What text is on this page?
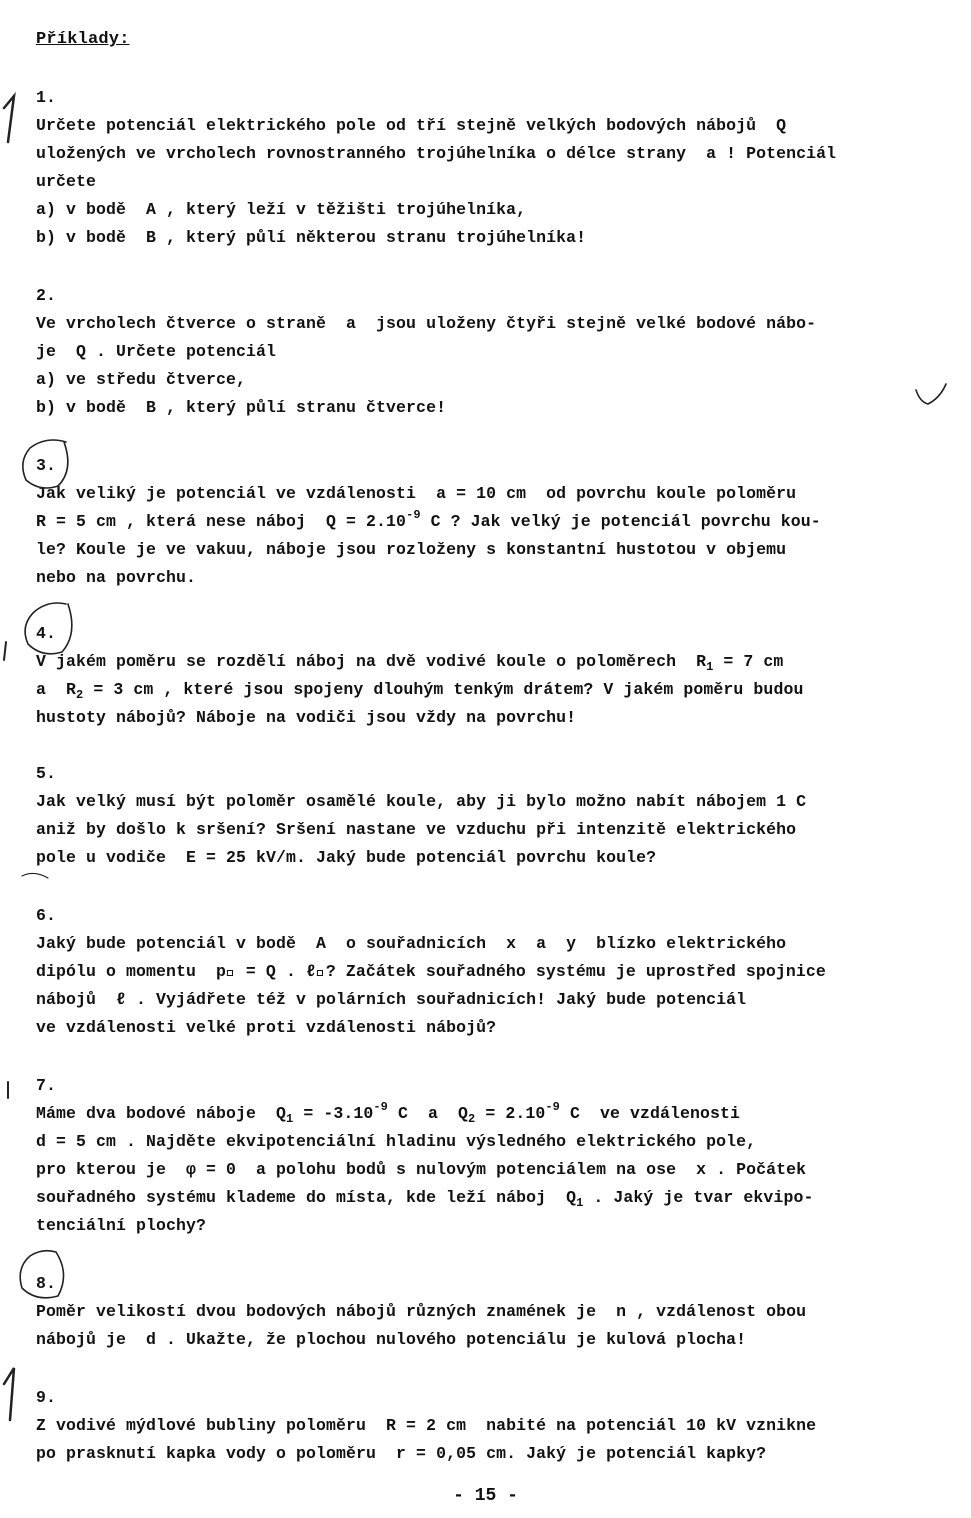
Příklady:
1.
Určete potenciál elektrického pole od tří stejně velkých bodových nábojů  Q
uložených ve vrcholech rovnostranného trojúhelníka o délce strany  a ! Potenciál
určete
a) v bodě  A , který leží v těžišti trojúhelníka,
b) v bodě  B , který půlí některou stranu trojúhelníka!
2.
Ve vrcholech čtverce o straně  a  jsou uloženy čtyři stejně velké bodové nábo-
je  Q . Určete potenciál
a) ve středu čtverce,
b) v bodě  B , který půlí stranu čtverce!
3.
Jak veliký je potenciál ve vzdálenosti  a = 10 cm  od povrchu koule poloměru
R = 5 cm , která nese náboj  $Q = 2.10^{-9}$ C ? Jak velký je potenciál povrchu kou-
le? Koule je ve vakuu, náboje jsou rozloženy s konstantní hustotou v objemu
nebo na povrchu.
4.
V jakém poměru se rozdělí náboj na dvě vodivé koule o poloměrech  $R_1 = 7$ cm
a  $R_2 = 3$ cm , které jsou spojeny dlouhým tenkým drátem? V jakém poměru budou
hustoty nábojů? Náboje na vodiči jsou vždy na povrchu!
5.
Jak velký musí být poloměr osamělé koule, aby ji bylo možno nabít nábojem 1 C
aniž by došlo k sršení? Sršení nastane ve vzduchu při intenzitě elektrického
pole u vodiče  E = 25 kV/m. Jaký bude potenciál povrchu koule?
6.
Jaký bude potenciál v bodě  A  o souřadnicích  x  a  y  blízko elektrického
dipólu o momentu  p⃗ = Q . ℓ⃗? Začátek souřadného systému je uprostřed spojnice
nábojů  ℓ . Vyjádřete též v polárních souřadnicích! Jaký bude potenciál
ve vzdálenosti velké proti vzdálenosti nábojů?
7.
Máme dva bodové náboje  $Q_1 = -3.10^{-9}$ C  a  $Q_2 = 2.10^{-9}$ C  ve vzdálenosti
d = 5 cm . Najděte ekvipotenciální hladinu výsledného elektrického pole,
pro kterou je  φ = 0  a polohu bodů s nulovým potenciálem na ose  x . Počátek
souřadného systému klademe do místa, kde leží náboj  $Q_1$ . Jaký je tvar ekvipo-
tenciální plochy?
8.
Poměr velikostí dvou bodových nábojů různých znamének je  n , vzdálenost obou
nábojů je  d . Ukažte, že plochou nulového potenciálu je kulová plocha!
9.
Z vodivé mýdlové bubliny poloměru  R = 2 cm  nabité na potenciál 10 kV vznikne
po prasknutí kapka vody o poloměru  r = 0,05 cm. Jaký je potenciál kapky?
- 15 -
